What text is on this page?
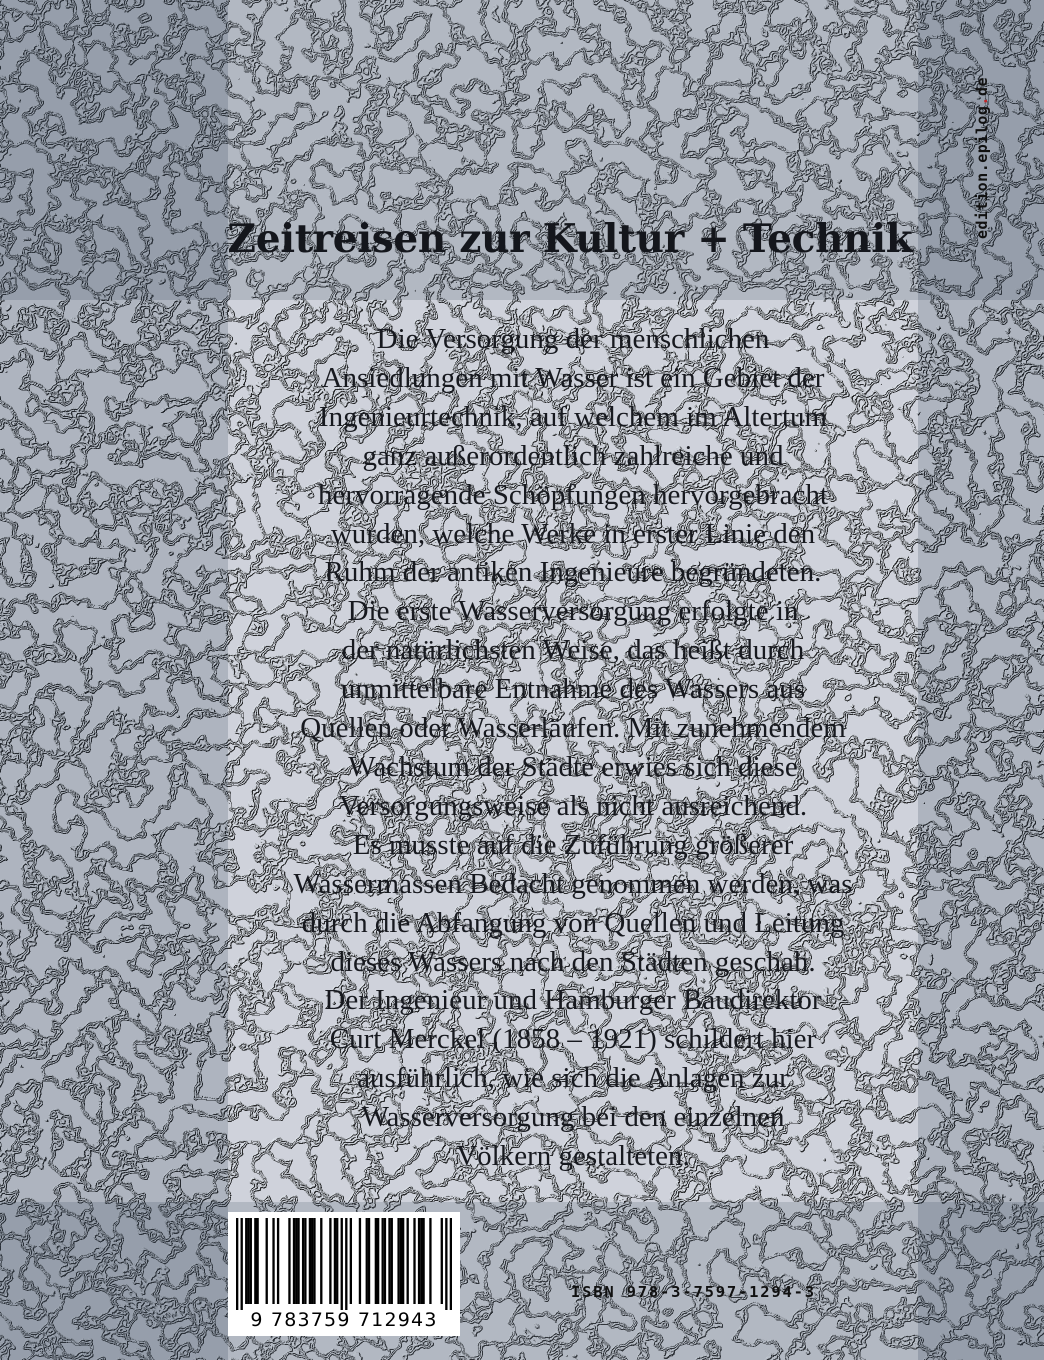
edition.epilog.de
Zeitreisen zur Kultur + Technik
Die Versorgung der menschlichen
Ansiedlungen mit Wasser ist ein Gebiet der
Ingenieurtechnik, auf welchem im Altertum
ganz außerordentlich zahlreiche und
hervorragende Schöpfungen hervorgebracht
wurden, welche Werke in erster Linie den
Ruhm der antiken Ingenieure begründeten.
Die erste Wasserversorgung erfolgte in
der natürlichsten Weise, das heißt durch
unmittelbare Entnahme des Wassers aus
Quellen oder Wasserläufen. Mit zunehmendem
Wachstum der Städte erwies sich diese
Versorgungsweise als nicht ausreichend.
Es musste auf die Zuführung größerer
Wassermassen Bedacht genommen werden, was
durch die Abfangung von Quellen und Leitung
dieses Wassers nach den Städten geschah.
Der Ingenieur und Hamburger Baudirektor
Curt Merckel (1858 – 1921) schildert hier
ausführlich, wie sich die Anlagen zur
Wasserversorgung bei den einzelnen
Völkern gestalteten.
9 783759 712943
ISBN 978-3-7597-1294-3
